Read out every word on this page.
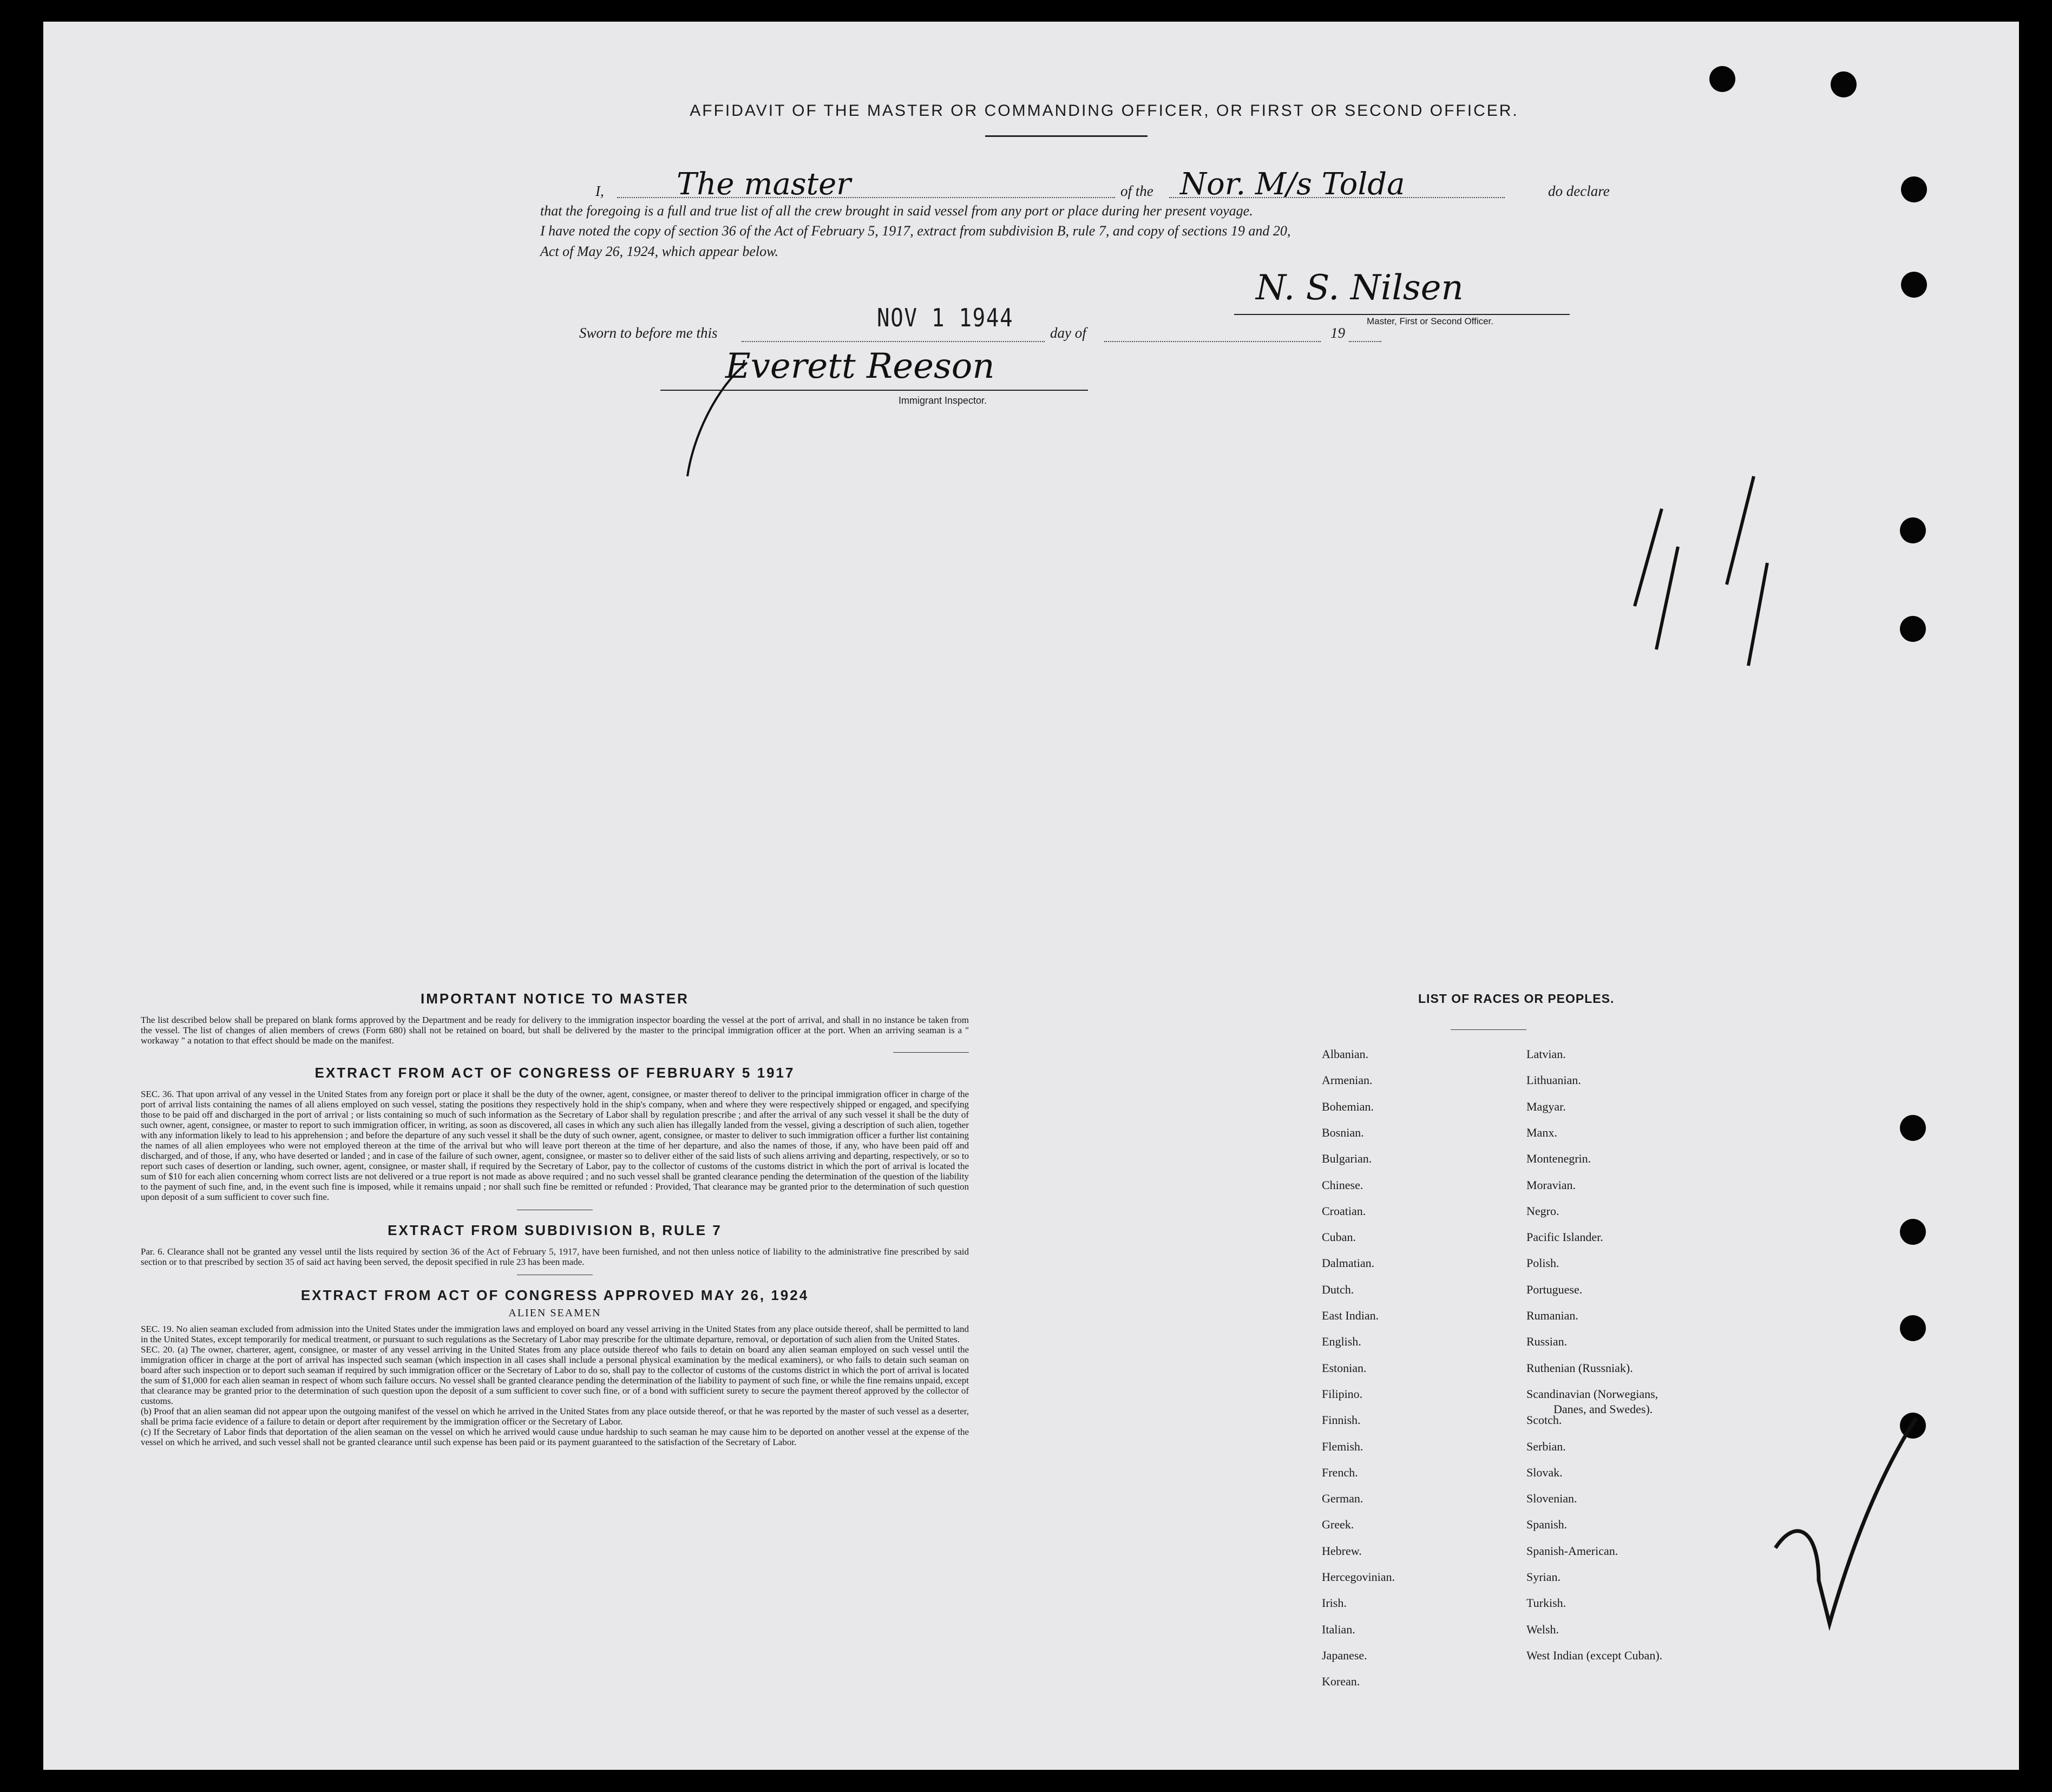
AFFIDAVIT OF THE MASTER OR COMMANDING OFFICER, OR FIRST OR SECOND OFFICER.
I, The master	of the Nor. M/s Tolda	do declare
that the foregoing is a full and true list of all the crew brought in said vessel from any port or place during her present voyage.
I have noted the copy of section 36 of the Act of February 5, 1917, extract from subdivision B, rule 7, and copy of sections 19 and 20,
Act of May 26, 1924, which appear below.
N. S. Nilsen
Master, First or Second Officer.
Sworn to before me this
NOV 1 1944
day of	19
Everett Reeson
Immigrant Inspector.
IMPORTANT NOTICE TO MASTER
The list described below shall be prepared on blank forms approved by the Department and be ready for delivery to the immigration inspector boarding the vessel at the port of arrival, and shall in no instance be taken from the vessel. The list of changes of alien members of crews (Form 680) shall not be retained on board, but shall be delivered by the master to the principal immigration officer at the port. When an arriving seaman is a " workaway " a notation to that effect should be made on the manifest.
EXTRACT FROM ACT OF CONGRESS OF FEBRUARY 5 1917
SEC. 36. That upon arrival of any vessel in the United States from any foreign port or place it shall be the duty of the owner, agent, consignee, or master thereof to deliver to the principal immigration officer in charge of the port of arrival lists containing the names of all aliens employed on such vessel, stating the positions they respectively hold in the ship's company, when and where they were respectively shipped or engaged, and specifying those to be paid off and discharged in the port of arrival ; or lists containing so much of such information as the Secretary of Labor shall by regulation prescribe ; and after the arrival of any such vessel it shall be the duty of such owner, agent, consignee, or master to report to such immigration officer, in writing, as soon as discovered, all cases in which any such alien has illegally landed from the vessel, giving a description of such alien, together with any information likely to lead to his apprehension ; and before the departure of any such vessel it shall be the duty of such owner, agent, consignee, or master to deliver to such immigration officer a further list containing the names of all alien employees who were not employed thereon at the time of the arrival but who will leave port thereon at the time of her departure, and also the names of those, if any, who have been paid off and discharged, and of those, if any, who have deserted or landed ; and in case of the failure of such owner, agent, consignee, or master so to deliver either of the said lists of such aliens arriving and departing, respectively, or so to report such cases of desertion or landing, such owner, agent, consignee, or master shall, if required by the Secretary of Labor, pay to the collector of customs of the customs district in which the port of arrival is located the sum of $10 for each alien concerning whom correct lists are not delivered or a true report is not made as above required ; and no such vessel shall be granted clearance pending the determination of the question of the liability to the payment of such fine, and, in the event such fine is imposed, while it remains unpaid ; nor shall such fine be remitted or refunded : Provided, That clearance may be granted prior to the determination of such question upon deposit of a sum sufficient to cover such fine.
EXTRACT FROM SUBDIVISION B, RULE 7
Par. 6. Clearance shall not be granted any vessel until the lists required by section 36 of the Act of February 5, 1917, have been furnished, and not then unless notice of liability to the administrative fine prescribed by said section or to that prescribed by section 35 of said act having been served, the deposit specified in rule 23 has been made.
EXTRACT FROM ACT OF CONGRESS APPROVED MAY 26, 1924
ALIEN SEAMEN
SEC. 19. No alien seaman excluded from admission into the United States under the immigration laws and employed on board any vessel arriving in the United States from any place outside thereof, shall be permitted to land in the United States, except temporarily for medical treatment, or pursuant to such regulations as the Secretary of Labor may prescribe for the ultimate departure, removal, or deportation of such alien from the United States.
SEC. 20. (a) The owner, charterer, agent, consignee, or master of any vessel arriving in the United States from any place outside thereof who fails to detain on board any alien seaman employed on such vessel until the immigration officer in charge at the port of arrival has inspected such seaman (which inspection in all cases shall include a personal physical examination by the medical examiners), or who fails to detain such seaman on board after such inspection or to deport such seaman if required by such immigration officer or the Secretary of Labor to do so, shall pay to the collector of customs of the customs district in which the port of arrival is located the sum of $1,000 for each alien seaman in respect of whom such failure occurs. No vessel shall be granted clearance pending the determination of the liability to payment of such fine, or while the fine remains unpaid, except that clearance may be granted prior to the determination of such question upon the deposit of a sum sufficient to cover such fine, or of a bond with sufficient surety to secure the payment thereof approved by the collector of customs.
(b) Proof that an alien seaman did not appear upon the outgoing manifest of the vessel on which he arrived in the United States from any place outside thereof, or that he was reported by the master of such vessel as a deserter, shall be prima facie evidence of a failure to detain or deport after requirement by the immigration officer or the Secretary of Labor.
(c) If the Secretary of Labor finds that deportation of the alien seaman on the vessel on which he arrived would cause undue hardship to such seaman he may cause him to be deported on another vessel at the expense of the vessel on which he arrived, and such vessel shall not be granted clearance until such expense has been paid or its payment guaranteed to the satisfaction of the Secretary of Labor.
LIST OF RACES OR PEOPLES.
Albanian.
Armenian.
Bohemian.
Bosnian.
Bulgarian.
Chinese.
Croatian.
Cuban.
Dalmatian.
Dutch.
East Indian.
English.
Estonian.
Filipino.
Finnish.
Flemish.
French.
German.
Greek.
Hebrew.
Hercegovinian.
Irish.
Italian.
Japanese.
Korean.
Latvian.
Lithuanian.
Magyar.
Manx.
Montenegrin.
Moravian.
Negro.
Pacific Islander.
Polish.
Portuguese.
Rumanian.
Russian.
Ruthenian (Russniak).
Scandinavian (Norwegians,
Danes, and Swedes).
Scotch.
Serbian.
Slovak.
Slovenian.
Spanish.
Spanish-American.
Syrian.
Turkish.
Welsh.
West Indian (except Cuban).
